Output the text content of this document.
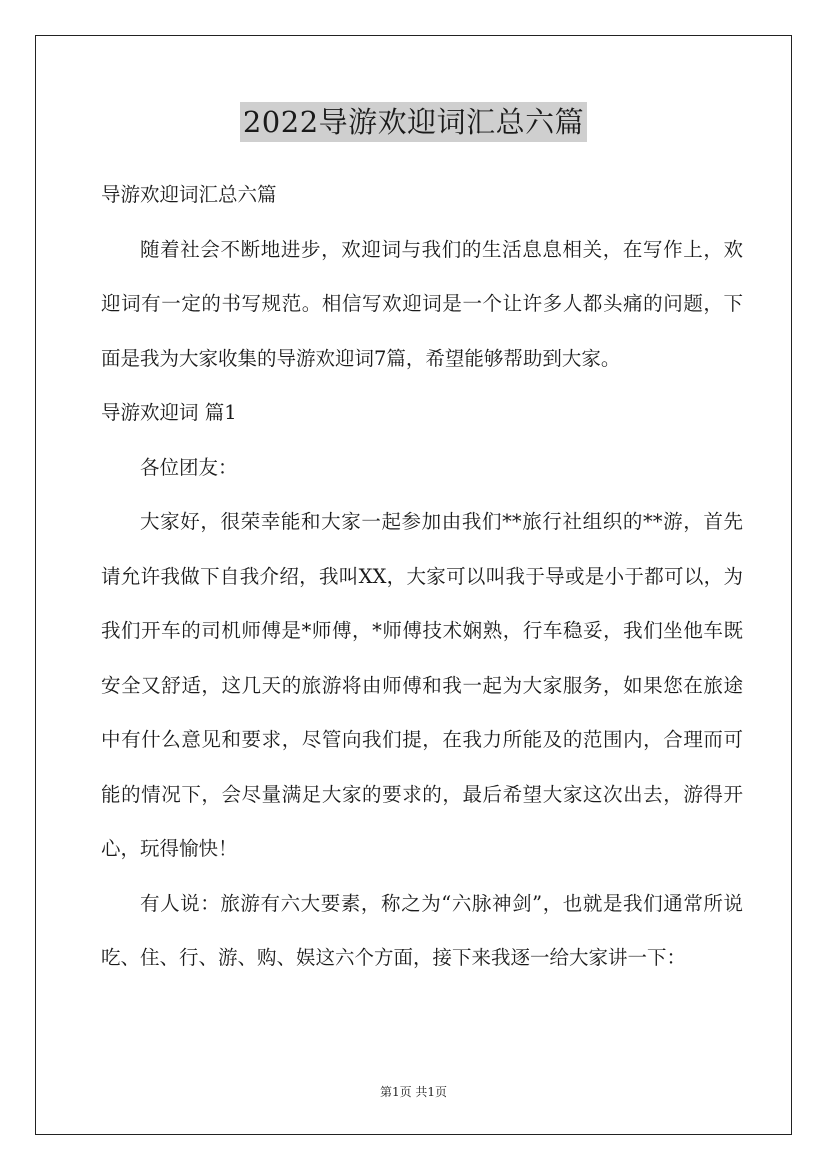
2022导游欢迎词汇总六篇

导游欢迎词汇总六篇

随着社会不断地进步，欢迎词与我们的生活息息相关，在写作上，欢迎词有一定的书写规范。相信写欢迎词是一个让许多人都头痛的问题，下面是我为大家收集的导游欢迎词7篇，希望能够帮助到大家。

导游欢迎词 篇1

各位团友：

大家好，很荣幸能和大家一起参加由我们**旅行社组织的**游，首先请允许我做下自我介绍，我叫XX，大家可以叫我于导或是小于都可以，为我们开车的司机师傅是*师傅，*师傅技术娴熟，行车稳妥，我们坐他车既安全又舒适，这几天的旅游将由师傅和我一起为大家服务，如果您在旅途中有什么意见和要求，尽管向我们提，在我力所能及的范围内，合理而可能的情况下，会尽量满足大家的要求的，最后希望大家这次出去，游得开心，玩得愉快！

有人说：旅游有六大要素，称之为“六脉神剑”，也就是我们通常所说吃、住、行、游、购、娱这六个方面，接下来我逐一给大家讲一下：

第1页 共1页
